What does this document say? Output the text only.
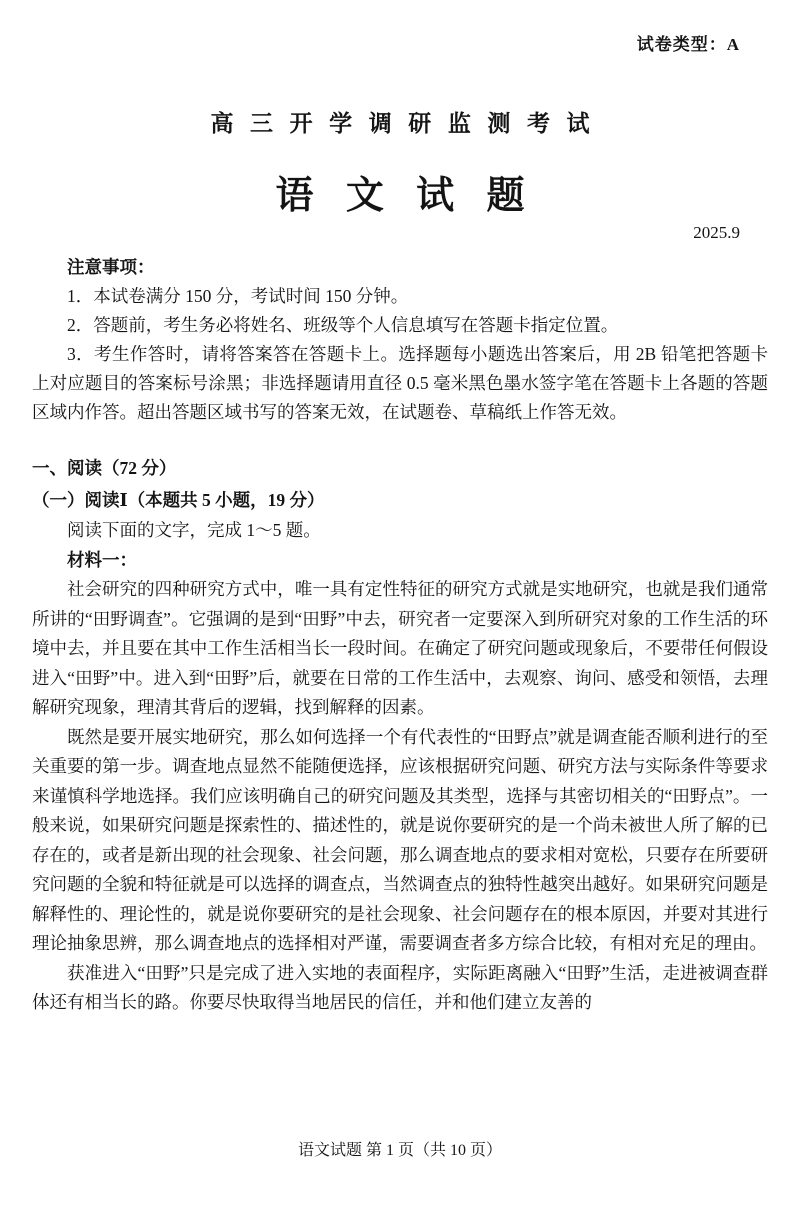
试卷类型：A
高三开学调研监测考试
语文试题
2025.9

注意事项：

1．本试卷满分 150 分，考试时间 150 分钟。

2．答题前，考生务必将姓名、班级等个人信息填写在答题卡指定位置。

3．考生作答时，请将答案答在答题卡上。选择题每小题选出答案后，用 2B 铅笔把答题卡上对应题目的答案标号涂黑；非选择题请用直径 0.5 毫米黑色墨水签字笔在答题卡上各题的答题区域内作答。超出答题区域书写的答案无效，在试题卷、草稿纸上作答无效。

一、阅读（72 分）

（一）阅读Ⅰ（本题共 5 小题，19 分）

阅读下面的文字，完成 1～5 题。

材料一：

社会研究的四种研究方式中，唯一具有定性特征的研究方式就是实地研究，也就是我们通常所讲的“田野调查”。它强调的是到“田野”中去，研究者一定要深入到所研究对象的工作生活的环境中去，并且要在其中工作生活相当长一段时间。在确定了研究问题或现象后，不要带任何假设进入“田野”中。进入到“田野”后，就要在日常的工作生活中，去观察、询问、感受和领悟，去理解研究现象，理清其背后的逻辑，找到解释的因素。

既然是要开展实地研究，那么如何选择一个有代表性的“田野点”就是调查能否顺利进行的至关重要的第一步。调查地点显然不能随便选择，应该根据研究问题、研究方法与实际条件等要求来谨慎科学地选择。我们应该明确自己的研究问题及其类型，选择与其密切相关的“田野点”。一般来说，如果研究问题是探索性的、描述性的，就是说你要研究的是一个尚未被世人所了解的已存在的，或者是新出现的社会现象、社会问题，那么调查地点的要求相对宽松，只要存在所要研究问题的全貌和特征就是可以选择的调查点，当然调查点的独特性越突出越好。如果研究问题是解释性的、理论性的，就是说你要研究的是社会现象、社会问题存在的根本原因，并要对其进行理论抽象思辨，那么调查地点的选择相对严谨，需要调查者多方综合比较，有相对充足的理由。

获准进入“田野”只是完成了进入实地的表面程序，实际距离融入“田野”生活，走进被调查群体还有相当长的路。你要尽快取得当地居民的信任，并和他们建立友善的

语文试题 第 1 页（共 10 页）
